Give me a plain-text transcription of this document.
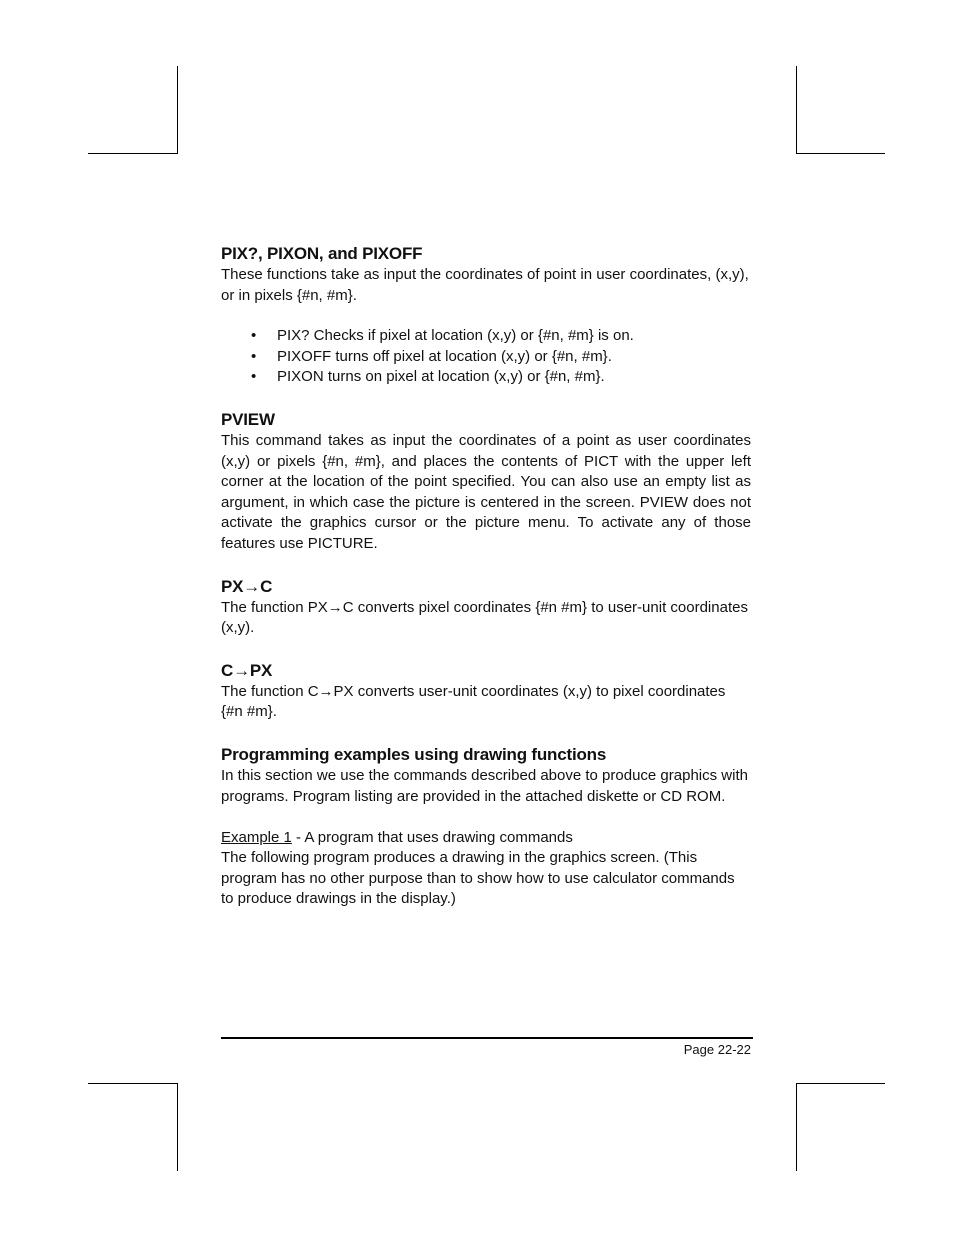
PIX?, PIXON, and PIXOFF

These functions take as input the coordinates of point in user coordinates, (x,y), or in pixels {#n, #m}.

• PIX? Checks if pixel at location (x,y) or {#n, #m} is on.
• PIXOFF turns off pixel at location (x,y) or {#n, #m}.
• PIXON turns on pixel at location (x,y) or {#n, #m}.
PVIEW

This command takes as input the coordinates of a point as user coordinates (x,y) or pixels {#n, #m}, and places the contents of PICT with the upper left corner at the location of the point specified. You can also use an empty list as argument, in which case the picture is centered in the screen. PVIEW does not activate the graphics cursor or the picture menu. To activate any of those features use PICTURE.

PX→C

The function PX→C converts pixel coordinates {#n #m} to user-unit coordinates (x,y).

C→PX

The function C→PX converts user-unit coordinates (x,y) to pixel coordinates {#n #m}.

Programming examples using drawing functions

In this section we use the commands described above to produce graphics with programs. Program listing are provided in the attached diskette or CD ROM.

Example 1 - A program that uses drawing commands

The following program produces a drawing in the graphics screen. (This program has no other purpose than to show how to use calculator commands to produce drawings in the display.)

Page 22-22
